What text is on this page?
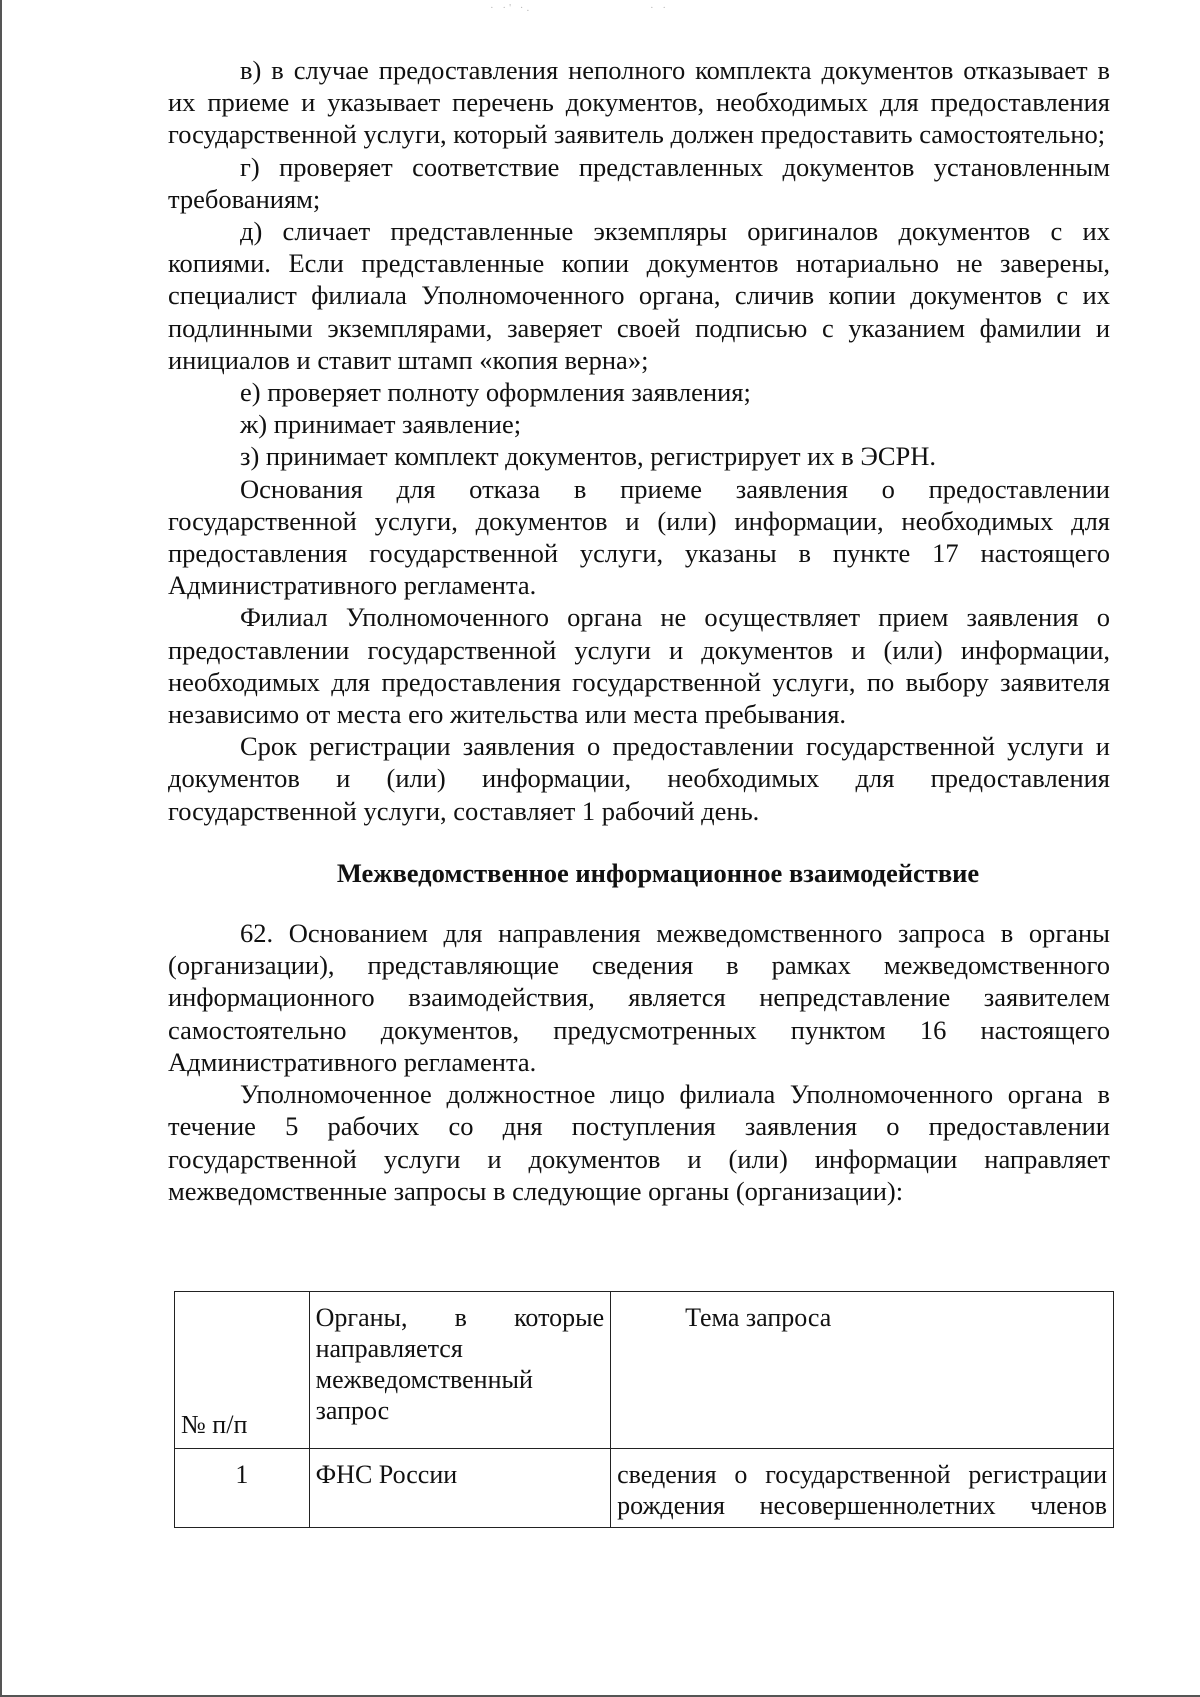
· ·' ·.	· ·

в) в случае предоставления неполного комплекта документов отказывает в их приеме и указывает перечень документов, необходимых для предоставления государственной услуги, который заявитель должен предоставить самостоятельно;

г) проверяет соответствие представленных документов установленным требованиям;

д) сличает представленные экземпляры оригиналов документов с их копиями. Если представленные копии документов нотариально не заверены, специалист филиала Уполномоченного органа, сличив копии документов с их подлинными экземплярами, заверяет своей подписью с указанием фамилии и инициалов и ставит штамп «копия верна»;

е) проверяет полноту оформления заявления;

ж) принимает заявление;

з) принимает комплект документов, регистрирует их в ЭСРН.

Основания для отказа в приеме заявления о предоставлении государственной услуги, документов и (или) информации, необходимых для предоставления государственной услуги, указаны в пункте 17 настоящего Административного регламента.

Филиал Уполномоченного органа не осуществляет прием заявления о предоставлении государственной услуги и документов и (или) информации, необходимых для предоставления государственной услуги, по выбору заявителя независимо от места его жительства или места пребывания.

Срок регистрации заявления о предоставлении государственной услуги и документов и (или) информации, необходимых для предоставления государственной услуги, составляет 1 рабочий день.

Межведомственное информационное взаимодействие

62. Основанием для направления межведомственного запроса в органы (организации), представляющие сведения в рамках межведомственного информационного взаимодействия, является непредставление заявителем самостоятельно документов, предусмотренных пунктом 16 настоящего Административного регламента.

Уполномоченное должностное лицо филиала Уполномоченного органа в течение 5 рабочих со дня поступления заявления о предоставлении государственной услуги и документов и (или) информации направляет межведомственные запросы в следующие органы (организации):

№ п/п	Органы, в которые направляется межведомственный запрос	Тема запроса
1	ФНС России	сведения о государственной регистрации рождения несовершеннолетних членов
